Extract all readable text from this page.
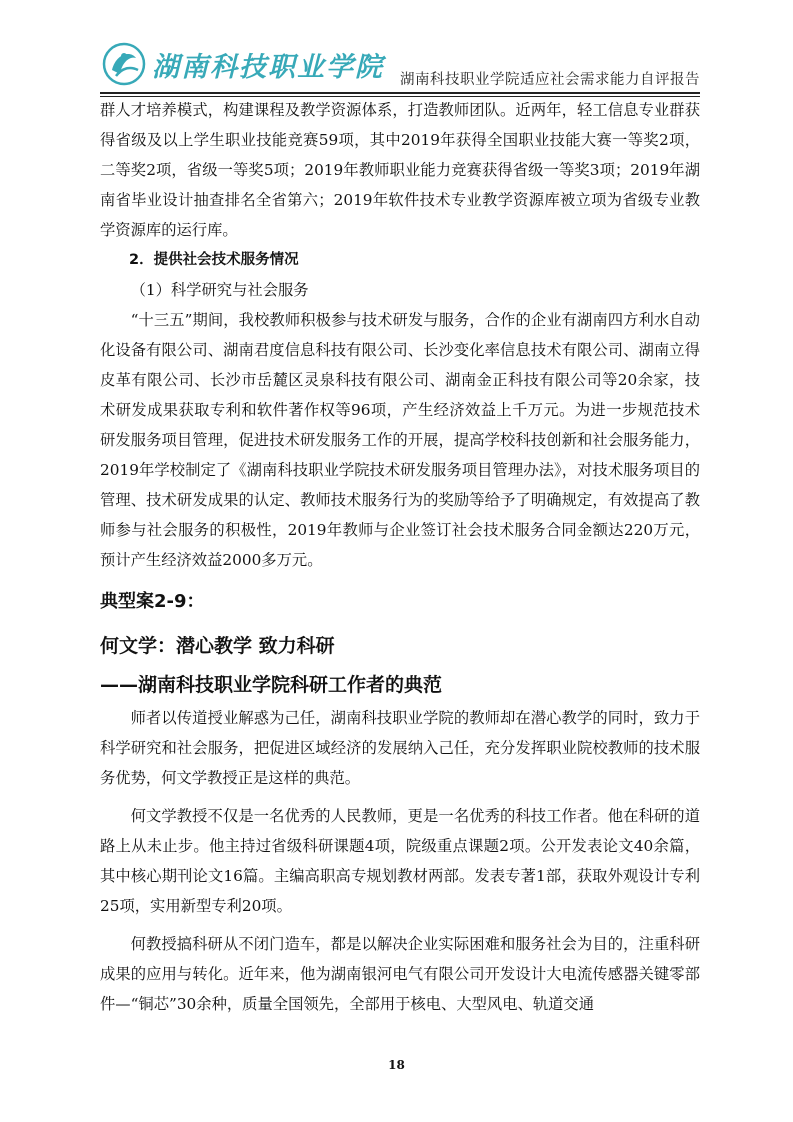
湖南科技职业学院 湖南科技职业学院适应社会需求能力自评报告

群人才培养模式，构建课程及教学资源体系，打造教师团队。近两年，轻工信息专业群获得省级及以上学生职业技能竞赛59项，其中2019年获得全国职业技能大赛一等奖2项，二等奖2项，省级一等奖5项；2019年教师职业能力竞赛获得省级一等奖3项；2019年湖南省毕业设计抽查排名全省第六；2019年软件技术专业教学资源库被立项为省级专业教学资源库的运行库。

2．提供社会技术服务情况

（1）科学研究与社会服务

“十三五”期间，我校教师积极参与技术研发与服务，合作的企业有湖南四方利水自动化设备有限公司、湖南君度信息科技有限公司、长沙变化率信息技术有限公司、湖南立得皮革有限公司、长沙市岳麓区灵泉科技有限公司、湖南金正科技有限公司等20余家，技术研发成果获取专利和软件著作权等96项，产生经济效益上千万元。为进一步规范技术研发服务项目管理，促进技术研发服务工作的开展，提高学校科技创新和社会服务能力，2019年学校制定了《湖南科技职业学院技术研发服务项目管理办法》，对技术服务项目的管理、技术研发成果的认定、教师技术服务行为的奖励等给予了明确规定，有效提高了教师参与社会服务的积极性，2019年教师与企业签订社会技术服务合同金额达220万元，预计产生经济效益2000多万元。

典型案2-9：

何文学：潜心教学 致力科研

——湖南科技职业学院科研工作者的典范

师者以传道授业解惑为己任，湖南科技职业学院的教师却在潜心教学的同时，致力于科学研究和社会服务，把促进区域经济的发展纳入己任，充分发挥职业院校教师的技术服务优势，何文学教授正是这样的典范。

何文学教授不仅是一名优秀的人民教师，更是一名优秀的科技工作者。他在科研的道路上从未止步。他主持过省级科研课题4项，院级重点课题2项。公开发表论文40余篇，其中核心期刊论文16篇。主编高职高专规划教材两部。发表专著1部，获取外观设计专利25项，实用新型专利20项。

何教授搞科研从不闭门造车，都是以解决企业实际困难和服务社会为目的，注重科研成果的应用与转化。近年来，他为湖南银河电气有限公司开发设计大电流传感器关键零部件—“铜芯”30余种，质量全国领先，全部用于核电、大型风电、轨道交通

18
